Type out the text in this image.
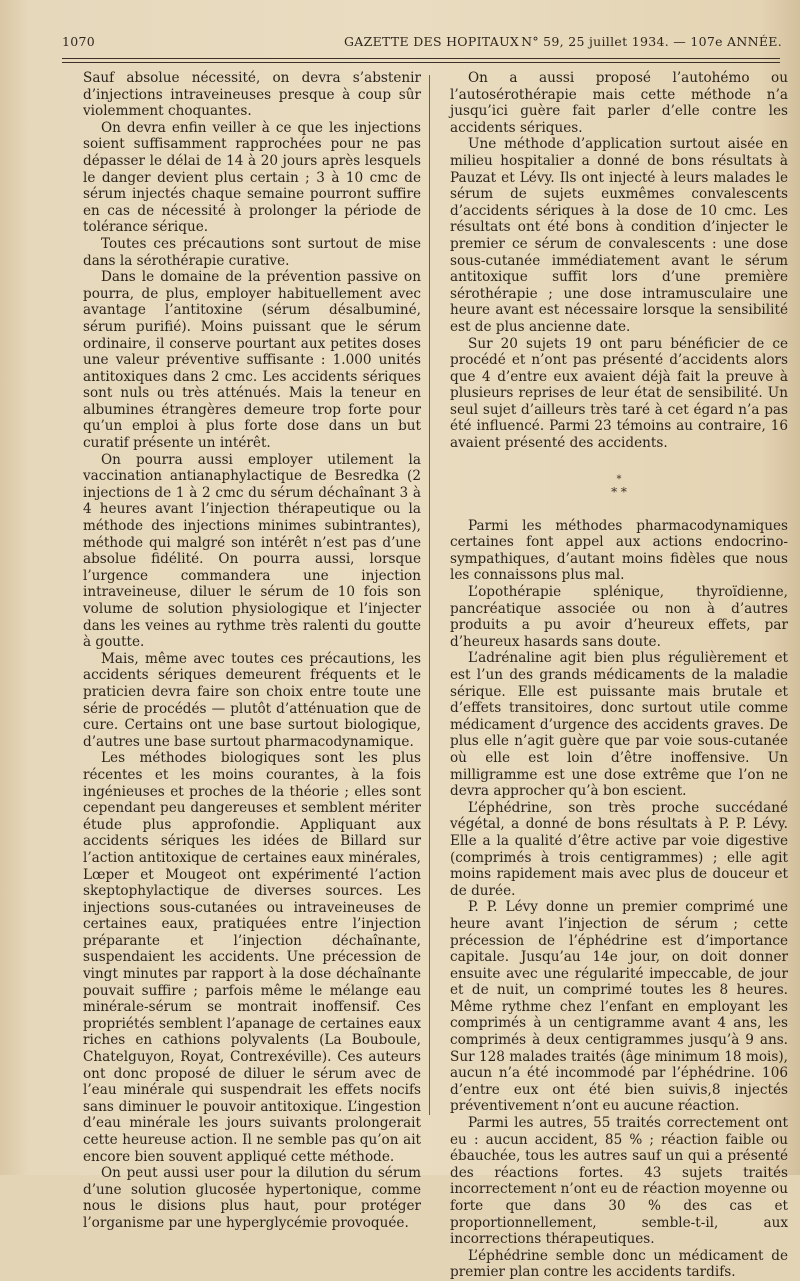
1070	GAZETTE DES HOPITAUX N° 59, 25 juillet 1934. — 107e ANNÉE.

Sauf absolue nécessité, on devra s’abstenir d’injections intraveineuses presque à coup sûr violemment choquantes.

On devra enfin veiller à ce que les injections soient suffisamment rapprochées pour ne pas dépasser le délai de 14 à 20 jours après lesquels le danger devient plus certain ; 3 à 10 cmc de sérum injectés chaque semaine pourront suffire en cas de nécessité à prolonger la période de tolérance sérique.

Toutes ces précautions sont surtout de mise dans la sérothérapie curative.

Dans le domaine de la prévention passive on pourra, de plus, employer habituellement avec avantage l’antitoxine (sérum désalbuminé, sérum purifié). Moins puissant que le sérum ordinaire, il conserve pourtant aux petites doses une valeur préventive suffisante : 1.000 unités antitoxiques dans 2 cmc. Les accidents sériques sont nuls ou très atténués. Mais la teneur en albumines étrangères demeure trop forte pour qu’un emploi à plus forte dose dans un but curatif présente un intérêt.

On pourra aussi employer utilement la vaccination antianaphylactique de Besredka (2 injections de 1 à 2 cmc du sérum déchaînant 3 à 4 heures avant l’injection thérapeutique ou la méthode des injections minimes subintrantes), méthode qui malgré son intérêt n’est pas d’une absolue fidélité. On pourra aussi, lorsque l’urgence commandera une injection intraveineuse, diluer le sérum de 10 fois son volume de solution physiologique et l’injecter dans les veines au rythme très ralenti du goutte à goutte.

Mais, même avec toutes ces précautions, les accidents sériques demeurent fréquents et le praticien devra faire son choix entre toute une série de procédés — plutôt d’atténuation que de cure. Certains ont une base surtout biologique, d’autres une base surtout pharmacodynamique.

Les méthodes biologiques sont les plus récentes et les moins courantes, à la fois ingénieuses et proches de la théorie ; elles sont cependant peu dangereuses et semblent mériter étude plus approfondie. Appliquant aux accidents sériques les idées de Billard sur l’action antitoxique de certaines eaux minérales, Lœper et Mougeot ont expérimenté l’action skeptophylactique de diverses sources. Les injections sous-cutanées ou intraveineuses de certaines eaux, pratiquées entre l’injection préparante et l’injection déchaînante, suspendaient les accidents. Une précession de vingt minutes par rapport à la dose déchaînante pouvait suffire ; parfois même le mélange eau minérale-sérum se montrait inoffensif. Ces propriétés semblent l’apanage de certaines eaux riches en cathions polyvalents (La Bouboule, Chatelguyon, Royat, Contrexéville). Ces auteurs ont donc proposé de diluer le sérum avec de l’eau minérale qui suspendrait les effets nocifs sans diminuer le pouvoir antitoxique. L’ingestion d’eau minérale les jours suivants prolongerait cette heureuse action. Il ne semble pas qu’on ait encore bien souvent appliqué cette méthode.

On peut aussi user pour la dilution du sérum d’une solution glucosée hypertonique, comme nous le disions plus haut, pour protéger l’organisme par une hyperglycémie provoquée.

On a aussi proposé l’autohémo ou l’autosérothérapie mais cette méthode n’a jusqu’ici guère fait parler d’elle contre les accidents sériques.

Une méthode d’application surtout aisée en milieu hospitalier a donné de bons résultats à Pauzat et Lévy. Ils ont injecté à leurs malades le sérum de sujets euxmêmes convalescents d’accidents sériques à la dose de 10 cmc. Les résultats ont été bons à condition d’injecter le premier ce sérum de convalescents : une dose sous-cutanée immédiatement avant le sérum antitoxique suffit lors d’une première sérothérapie ; une dose intramusculaire une heure avant est nécessaire lorsque la sensibilité est de plus ancienne date.

Sur 20 sujets 19 ont paru bénéficier de ce procédé et n’ont pas présenté d’accidents alors que 4 d’entre eux avaient déjà fait la preuve à plusieurs reprises de leur état de sensibilité. Un seul sujet d’ailleurs très taré à cet égard n’a pas été influencé. Parmi 23 témoins au contraire, 16 avaient présenté des accidents.

*
* *

Parmi les méthodes pharmacodynamiques certaines font appel aux actions endocrino-sympathiques, d’autant moins fidèles que nous les connaissons plus mal.

L’opothérapie splénique, thyroïdienne, pancréatique associée ou non à d’autres produits a pu avoir d’heureux effets, par d’heureux hasards sans doute.

L’adrénaline agit bien plus régulièrement et est l’un des grands médicaments de la maladie sérique. Elle est puissante mais brutale et d’effets transitoires, donc surtout utile comme médicament d’urgence des accidents graves. De plus elle n’agit guère que par voie sous-cutanée où elle est loin d’être inoffensive. Un milligramme est une dose extrême que l’on ne devra approcher qu’à bon escient.

L’éphédrine, son très proche succédané végétal, a donné de bons résultats à P. P. Lévy. Elle a la qualité d’être active par voie digestive (comprimés à trois centigrammes) ; elle agit moins rapidement mais avec plus de douceur et de durée.

P. P. Lévy donne un premier comprimé une heure avant l’injection de sérum ; cette précession de l’éphédrine est d’importance capitale. Jusqu’au 14e jour, on doit donner ensuite avec une régularité impeccable, de jour et de nuit, un comprimé toutes les 8 heures. Même rythme chez l’enfant en employant les comprimés à un centigramme avant 4 ans, les comprimés à deux centigrammes jusqu’à 9 ans. Sur 128 malades traités (âge minimum 18 mois), aucun n’a été incommodé par l’éphédrine. 106 d’entre eux ont été bien suivis,8 injectés préventivement n’ont eu aucune réaction.

Parmi les autres, 55 traités correctement ont eu : aucun accident, 85 % ; réaction faible ou ébauchée, tous les autres sauf un qui a présenté des réactions fortes. 43 sujets traités incorrectement n’ont eu de réaction moyenne ou forte que dans 30 % des cas et proportionnellement, semble-t-il, aux incorrections thérapeutiques.

L’éphédrine semble donc un médicament de premier plan contre les accidents tardifs.
